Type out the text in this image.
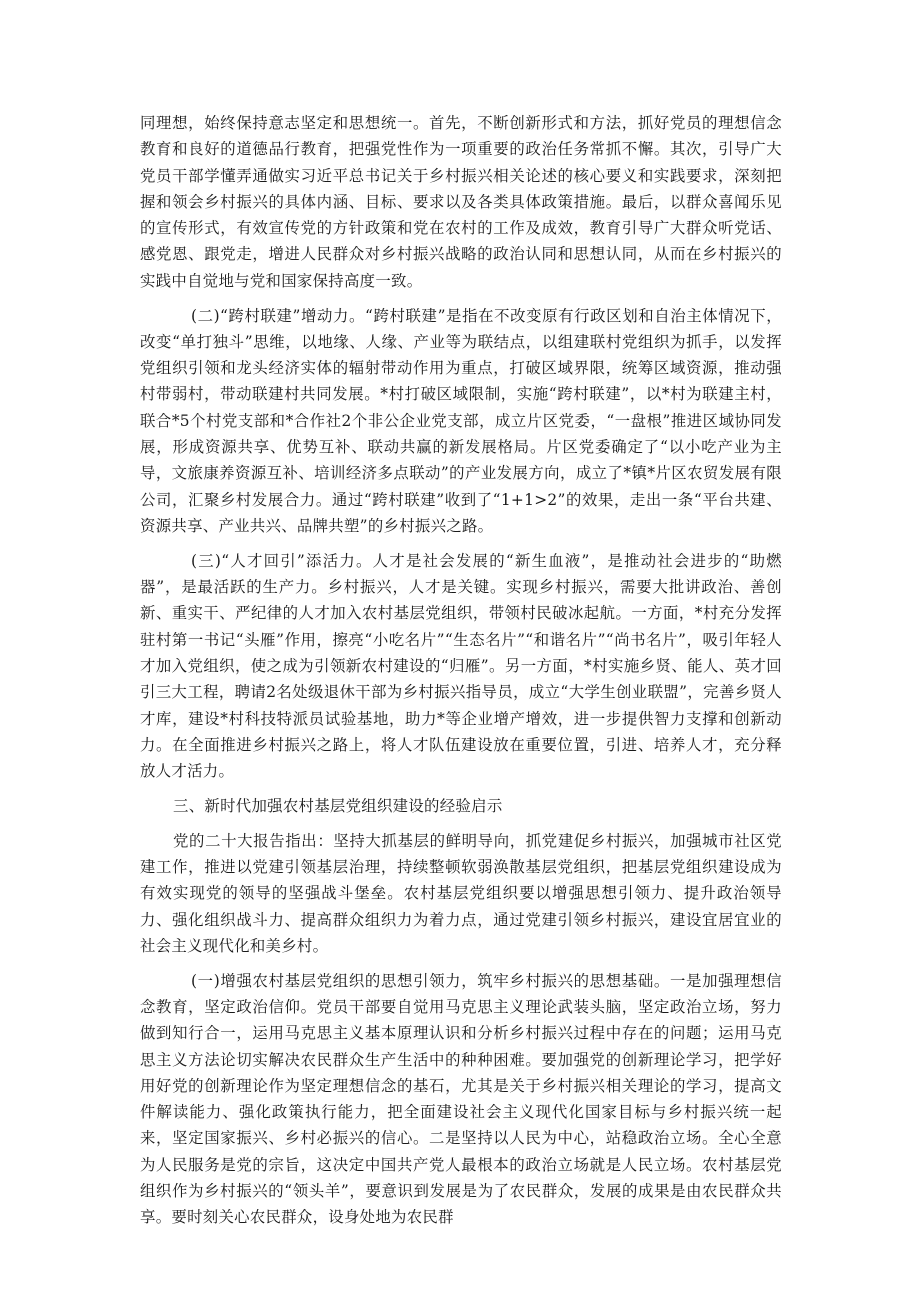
同理想，始终保持意志坚定和思想统一。首先，不断创新形式和方法，抓好党员的理想信念教育和良好的道德品行教育，把强党性作为一项重要的政治任务常抓不懈。其次，引导广大党员干部学懂弄通做实习近平总书记关于乡村振兴相关论述的核心要义和实践要求，深刻把握和领会乡村振兴的具体内涵、目标、要求以及各类具体政策措施。最后，以群众喜闻乐见的宣传形式，有效宣传党的方针政策和党在农村的工作及成效，教育引导广大群众听党话、感党恩、跟党走，增进人民群众对乡村振兴战略的政治认同和思想认同，从而在乡村振兴的实践中自觉地与党和国家保持高度一致。

(二)“跨村联建”增动力。“跨村联建”是指在不改变原有行政区划和自治主体情况下，改变“单打独斗”思维，以地缘、人缘、产业等为联结点，以组建联村党组织为抓手，以发挥党组织引领和龙头经济实体的辐射带动作用为重点，打破区域界限，统筹区域资源，推动强村带弱村，带动联建村共同发展。*村打破区域限制，实施“跨村联建”，以*村为联建主村，联合*5个村党支部和*合作社2个非公企业党支部，成立片区党委，“一盘根”推进区域协同发展，形成资源共享、优势互补、联动共赢的新发展格局。片区党委确定了“以小吃产业为主导，文旅康养资源互补、培训经济多点联动”的产业发展方向，成立了*镇*片区农贸发展有限公司，汇聚乡村发展合力。通过“跨村联建”收到了“1+1>2”的效果，走出一条“平台共建、资源共享、产业共兴、品牌共塑”的乡村振兴之路。

(三)“人才回引”添活力。人才是社会发展的“新生血液”，是推动社会进步的“助燃器”，是最活跃的生产力。乡村振兴，人才是关键。实现乡村振兴，需要大批讲政治、善创新、重实干、严纪律的人才加入农村基层党组织，带领村民破冰起航。一方面，*村充分发挥驻村第一书记“头雁”作用，擦亮“小吃名片”“生态名片”“和谐名片”“尚书名片”，吸引年轻人才加入党组织，使之成为引领新农村建设的“归雁”。另一方面，*村实施乡贤、能人、英才回引三大工程，聘请2名处级退休干部为乡村振兴指导员，成立“大学生创业联盟”，完善乡贤人才库，建设*村科技特派员试验基地，助力*等企业增产增效，进一步提供智力支撑和创新动力。在全面推进乡村振兴之路上，将人才队伍建设放在重要位置，引进、培养人才，充分释放人才活力。

三、新时代加强农村基层党组织建设的经验启示

党的二十大报告指出：坚持大抓基层的鲜明导向，抓党建促乡村振兴，加强城市社区党建工作，推进以党建引领基层治理，持续整顿软弱涣散基层党组织，把基层党组织建设成为有效实现党的领导的坚强战斗堡垒。农村基层党组织要以增强思想引领力、提升政治领导力、强化组织战斗力、提高群众组织力为着力点，通过党建引领乡村振兴，建设宜居宜业的社会主义现代化和美乡村。

(一)增强农村基层党组织的思想引领力，筑牢乡村振兴的思想基础。一是加强理想信念教育，坚定政治信仰。党员干部要自觉用马克思主义理论武装头脑，坚定政治立场，努力做到知行合一，运用马克思主义基本原理认识和分析乡村振兴过程中存在的问题；运用马克思主义方法论切实解决农民群众生产生活中的种种困难。要加强党的创新理论学习，把学好用好党的创新理论作为坚定理想信念的基石，尤其是关于乡村振兴相关理论的学习，提高文件解读能力、强化政策执行能力，把全面建设社会主义现代化国家目标与乡村振兴统一起来，坚定国家振兴、乡村必振兴的信心。二是坚持以人民为中心，站稳政治立场。全心全意为人民服务是党的宗旨，这决定中国共产党人最根本的政治立场就是人民立场。农村基层党组织作为乡村振兴的“领头羊”，要意识到发展是为了农民群众，发展的成果是由农民群众共享。要时刻关心农民群众，设身处地为农民群
